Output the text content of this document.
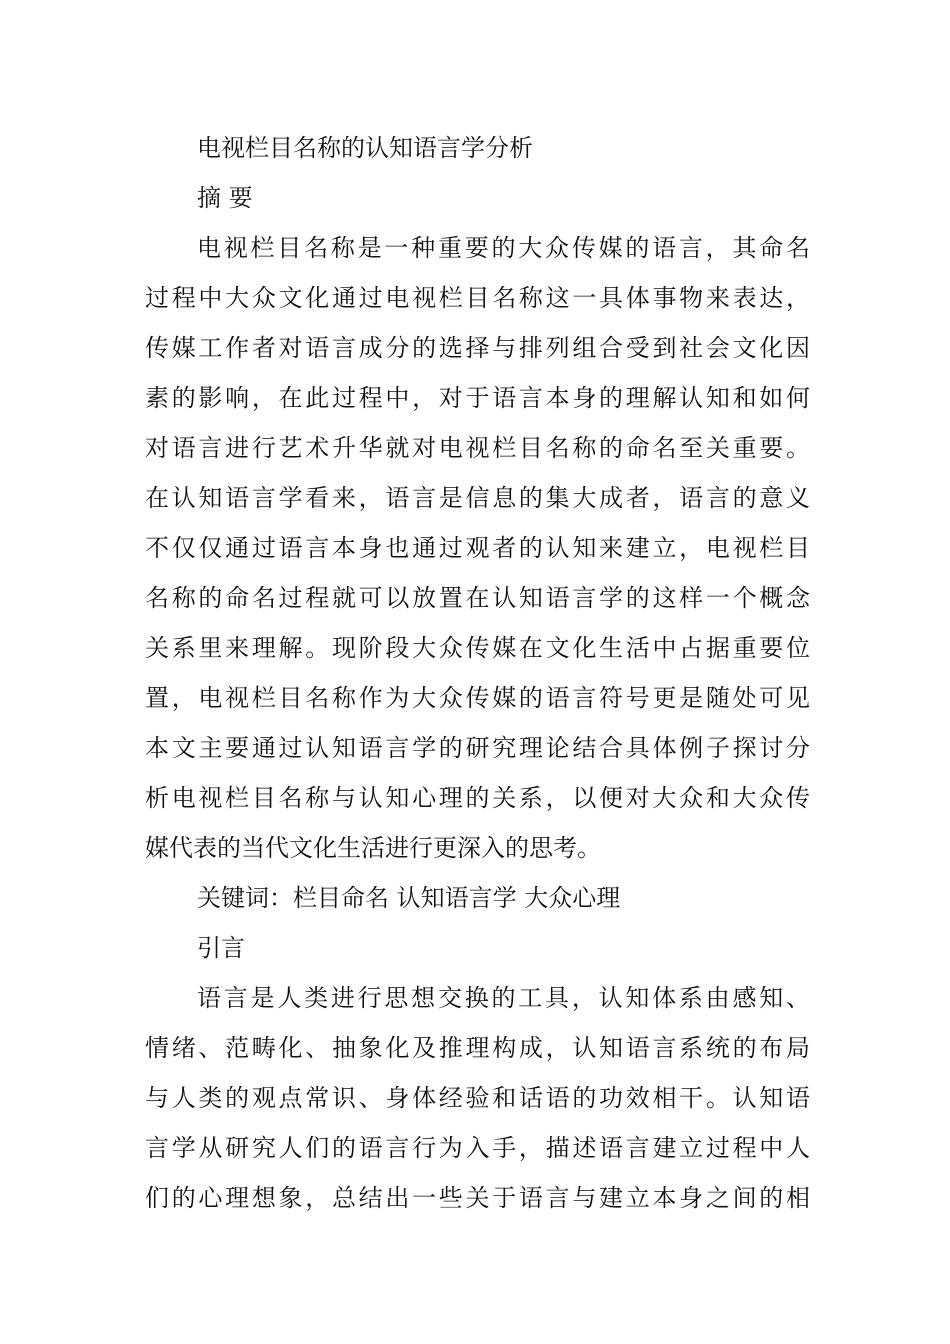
电视栏目名称的认知语言学分析
摘 要
电视栏目名称是一种重要的大众传媒的语言，其命名
过程中大众文化通过电视栏目名称这一具体事物来表达，
传媒工作者对语言成分的选择与排列组合受到社会文化因
素的影响，在此过程中，对于语言本身的理解认知和如何
对语言进行艺术升华就对电视栏目名称的命名至关重要。
在认知语言学看来，语言是信息的集大成者，语言的意义
不仅仅通过语言本身也通过观者的认知来建立，电视栏目
名称的命名过程就可以放置在认知语言学的这样一个概念
关系里来理解。现阶段大众传媒在文化生活中占据重要位
置，电视栏目名称作为大众传媒的语言符号更是随处可见
本文主要通过认知语言学的研究理论结合具体例子探讨分
析电视栏目名称与认知心理的关系，以便对大众和大众传
媒代表的当代文化生活进行更深入的思考。
关键词：栏目命名 认知语言学 大众心理
引言
语言是人类进行思想交换的工具，认知体系由感知、
情绪、范畴化、抽象化及推理构成，认知语言系统的布局
与人类的观点常识、身体经验和话语的功效相干。认知语
言学从研究人们的语言行为入手，描述语言建立过程中人
们的心理想象，总结出一些关于语言与建立本身之间的相
